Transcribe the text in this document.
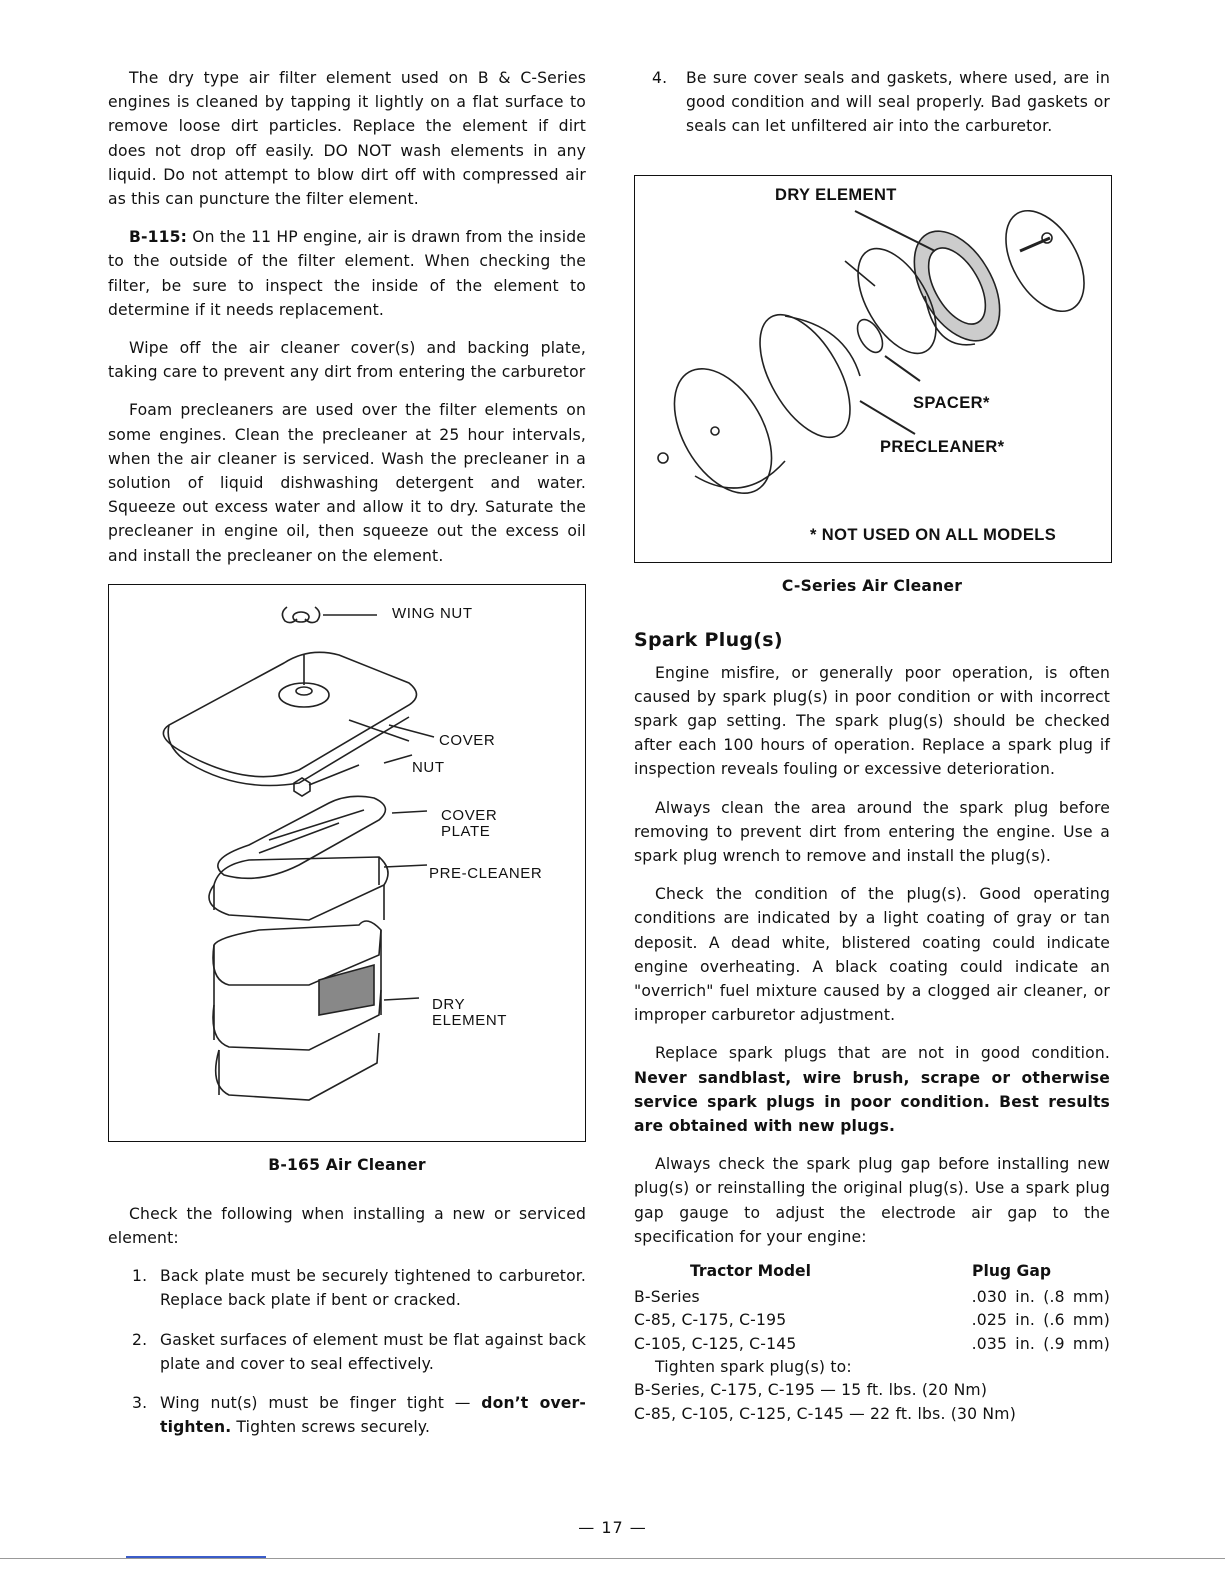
The dry type air filter element used on B & C-Series engines is cleaned by tapping it lightly on a flat surface to remove loose dirt particles. Replace the element if dirt does not drop off easily. DO NOT wash elements in any liquid. Do not attempt to blow dirt off with compressed air as this can puncture the filter element.

B-115: On the 11 HP engine, air is drawn from the inside to the outside of the filter element. When checking the filter, be sure to inspect the inside of the element to determine if it needs replacement.

Wipe off the air cleaner cover(s) and backing plate, taking care to prevent any dirt from entering the carburetor

Foam precleaners are used over the filter elements on some engines. Clean the precleaner at 25 hour intervals, when the air cleaner is serviced. Wash the precleaner in a solution of liquid dishwashing detergent and water. Squeeze out excess water and allow it to dry. Saturate the precleaner in engine oil, then squeeze out the excess oil and install the precleaner on the element.

WING NUT
COVER
NUT
COVER
PLATE
PRE-CLEANER
DRY
ELEMENT

B-165 Air Cleaner

Check the following when installing a new or serviced element:

1. Back plate must be securely tightened to carburetor. Replace back plate if bent or cracked.
2. Gasket surfaces of element must be flat against back plate and cover to seal effectively.
3. Wing nut(s) must be finger tight — don’t over-tighten. Tighten screws securely.
4. Be sure cover seals and gaskets, where used, are in good condition and will seal properly. Bad gaskets or seals can let unfiltered air into the carburetor.
DRY ELEMENT
SPACER*
PRECLEANER*
* NOT USED ON ALL MODELS

C-Series Air Cleaner

Spark Plug(s)

Engine misfire, or generally poor operation, is often caused by spark plug(s) in poor condition or with incorrect spark gap setting. The spark plug(s) should be checked after each 100 hours of operation. Replace a spark plug if inspection reveals fouling or excessive deterioration.

Always clean the area around the spark plug before removing to prevent dirt from entering the engine. Use a spark plug wrench to remove and install the plug(s).

Check the condition of the plug(s). Good operating conditions are indicated by a light coating of gray or tan deposit. A dead white, blistered coating could indicate engine overheating. A black coating could indicate an "overrich" fuel mixture caused by a clogged air cleaner, or improper carburetor adjustment.

Replace spark plugs that are not in good condition. Never sandblast, wire brush, scrape or otherwise service spark plugs in poor condition. Best results are obtained with new plugs.

Always check the spark plug gap before installing new plug(s) or reinstalling the original plug(s). Use a spark plug gap gauge to adjust the electrode air gap to the specification for your engine:

Tractor Model	Plug Gap
B-Series	.030 in. (.8 mm)
C-85, C-175, C-195	.025 in. (.6 mm)
C-105, C-125, C-145	.035 in. (.9 mm)
Tighten spark plug(s) to:
B-Series, C-175, C-195 — 15 ft. lbs. (20 Nm)
C-85, C-105, C-125, C-145 — 22 ft. lbs. (30 Nm)
— 17 —
